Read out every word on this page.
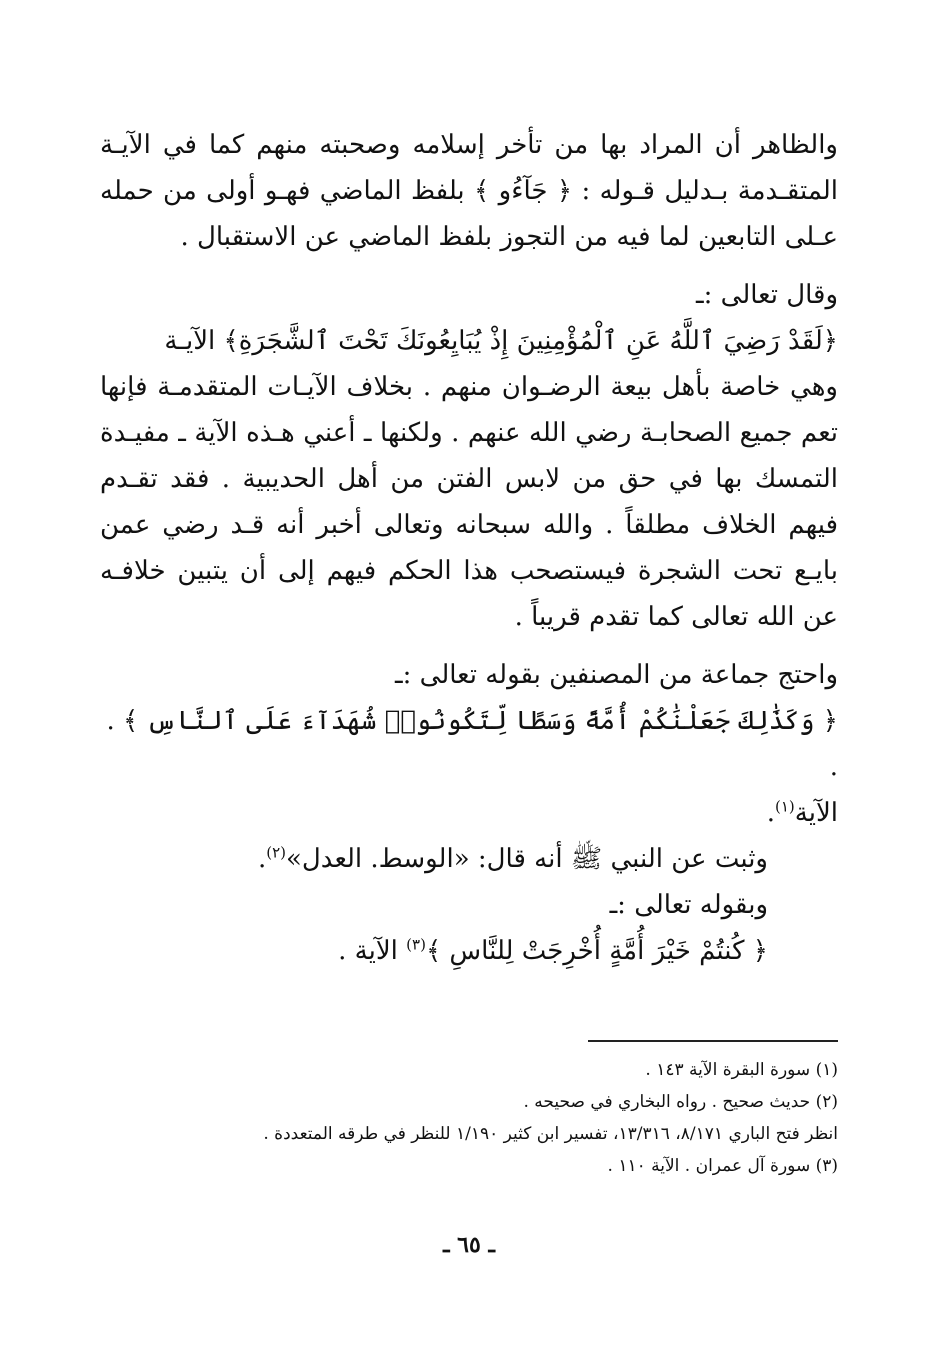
والظاهر أن المراد بها من تأخر إسلامه وصحبته منهم كما في الآيـة المتقـدمة بـدليل قـوله : ﴿ جَآءُو ﴾ بلفظ الماضي فهـو أولى من حمله عـلى التابعين لما فيه من التجوز بلفظ الماضي عن الاستقبال .

وقال تعالى :ـ

﴿لَقَدْ رَضِيَ ٱللَّهُ عَنِ ٱلْمُؤْمِنِينَ إِذْ يُبَايِعُونَكَ تَحْتَ ٱلشَّجَرَةِ﴾ الآيـة

وهي خاصة بأهل بيعة الرضـوان منهم . بخلاف الآيـات المتقدمـة فإنها تعم جميع الصحابـة رضي الله عنهم . ولكنها ـ أعني هـذه الآية ـ مفيـدة التمسك بها في حق من لابس الفتن من أهل الحديبية . فقد تقـدم فيهم الخلاف مطلقاً . والله سبحانه وتعالى أخبر أنه قـد رضي عمن بايـع تحت الشجرة فيستصحب هذا الحكم فيهم إلى أن يتبين خلافـه عن الله تعالى كما تقدم قريباً .

واحتج جماعة من المصنفين بقوله تعالى :ـ

﴿ وَكَذَٰلِكَ جَعَلْنَٰكُمْ أُمَّةً وَسَطًا لِّتَكُونُوا۟ شُهَدَآءَ عَلَى ٱلنَّاسِ ﴾ . .

الآية$^{(١)}$.

وثبت عن النبي ﷺ أنه قال: «الوسط. العدل»$^{(٢)}$.

وبقوله تعالى :ـ

﴿ كُنتُمْ خَيْرَ أُمَّةٍ أُخْرِجَتْ لِلنَّاسِ ﴾$^{(٣)}$ الآية .

(١) سورة البقرة الآية ١٤٣ .

(٢) حديث صحيح . رواه البخاري في صحيحه .

انظر فتح الباري ٨/١٧١، ١٣/٣١٦، تفسير ابن كثير ١/١٩٠ للنظر في طرقه المتعددة .

(٣) سورة آل عمران . الآية ١١٠ .

ـ ٦٥ ـ
